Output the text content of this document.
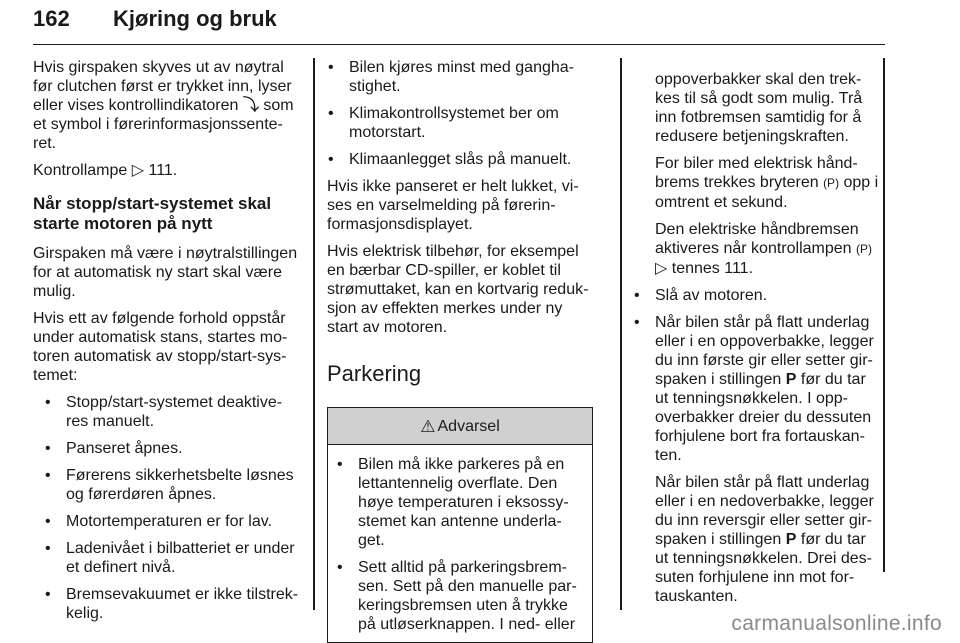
162 Kjøring og bruk

Hvis girspaken skyves ut av nøytral før clutchen først er trykket inn, lyser eller vises kontrollindikatoren ⤵ som et symbol i førerinformasjonssente-ret.

Kontrollampe ▷ 111.

Når stopp/start-systemet skal starte motoren på nytt

Girspaken må være i nøytralstillingen for at automatisk ny start skal være mulig.

Hvis ett av følgende forhold oppstår under automatisk stans, startes mo-toren automatisk av stopp/start-sys-temet:

• Stopp/start-systemet deaktive-res manuelt.
• Panseret åpnes.
• Førerens sikkerhetsbelte løsnes og førerdøren åpnes.
• Motortemperaturen er for lav.
• Ladenivået i bilbatteriet er under et definert nivå.
• Bremsevakuumet er ikke tilstrek-kelig.
• Bilen kjøres minst med gangha-stighet.
• Klimakontrollsystemet ber om motorstart.
• Klimaanlegget slås på manuelt.

Hvis ikke panseret er helt lukket, vi-ses en varselmelding på førerin-formasjonsdisplayet.

Hvis elektrisk tilbehør, for eksempel en bærbar CD-spiller, er koblet til strømuttaket, kan en kortvarig reduk-sjon av effekten merkes under ny start av motoren.

Parkering
⚠ Advarsel
• Bilen må ikke parkeres på en lettantennelig overflate. Den høye temperaturen i eksossy-stemet kan antenne underla-get.
• Sett alltid på parkeringsbrem-sen. Sett på den manuelle par-keringsbremsen uten å trykke på utløserknappen. I ned- eller

oppoverbakker skal den trek-kes til så godt som mulig. Trå inn fotbremsen samtidig for å redusere betjeningskraften.

For biler med elektrisk hånd-brems trekkes bryteren (P) opp i omtrent et sekund.

Den elektriske håndbremsen aktiveres når kontrollampen (P) ▷ tennes 111.

• Slå av motoren.
• Når bilen står på flatt underlag eller i en oppoverbakke, legger du inn første gir eller setter gir-spaken i stillingen P før du tar ut tenningsnøkkelen. I opp-overbakker dreier du dessuten forhjulene bort fra fortauskan-ten.

Når bilen står på flatt underlag eller i en nedoverbakke, legger du inn reversgir eller setter gir-spaken i stillingen P før du tar ut tenningsnøkkelen. Drei des-suten forhjulene inn mot for-tauskanten.

carmanualsonline.info
